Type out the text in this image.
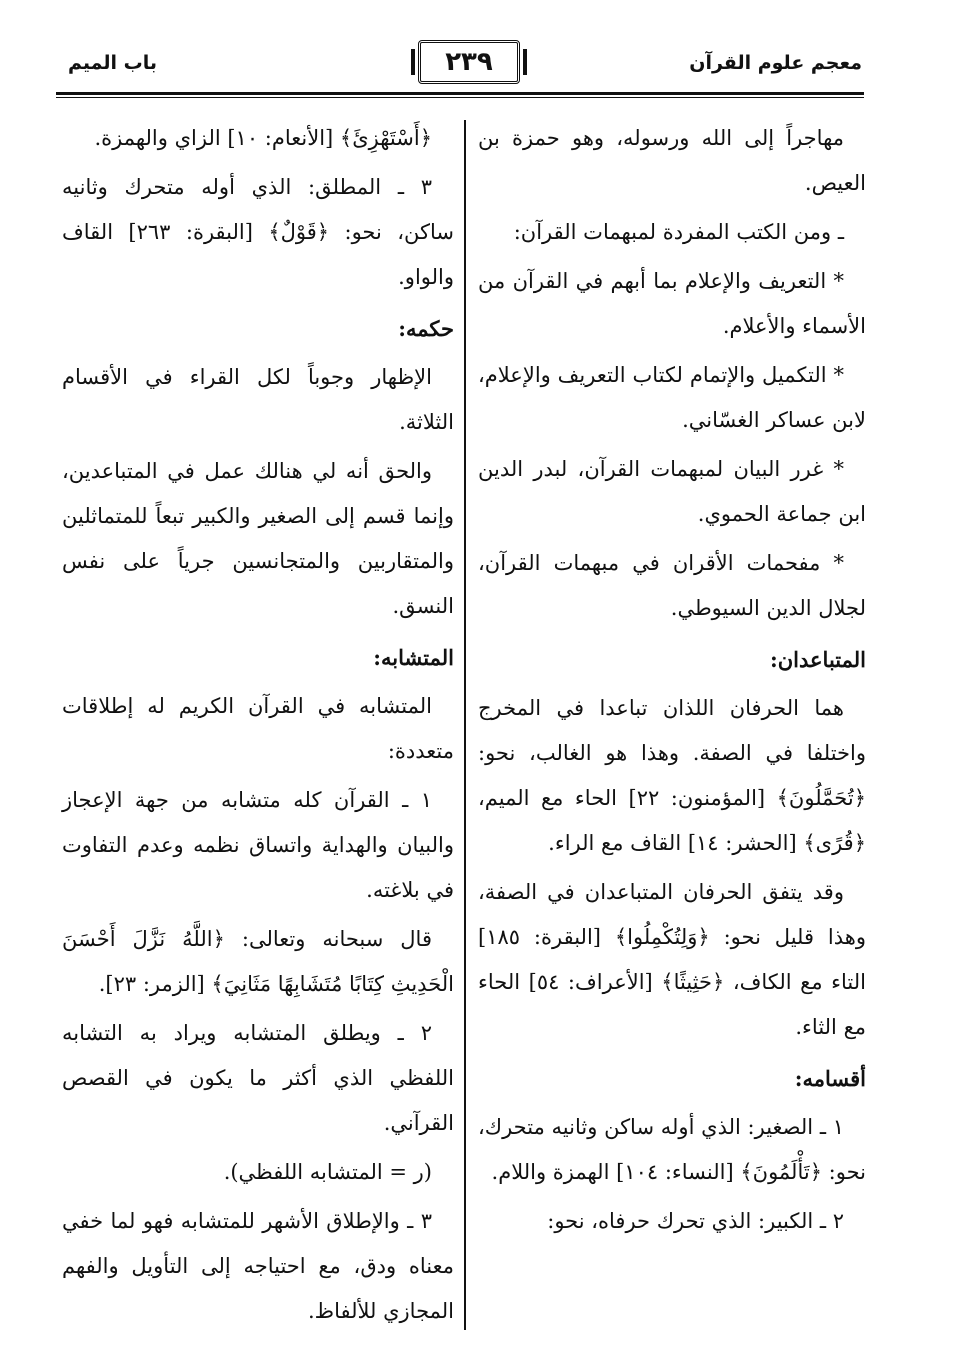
معجم علوم القرآن
٢٣٩
باب الميم
مهاجراً إلى الله ورسوله، وهو حمزة بن العيص.
ـ ومن الكتب المفردة لمبهمات القرآن:
* التعريف والإعلام بما أبهم في القرآن من الأسماء والأعلام.
* التكميل والإتمام لكتاب التعريف والإعلام، لابن عساكر الغسّاني.
* غرر البيان لمبهمات القرآن، لبدر الدين ابن جماعة الحموي.
* مفحمات الأقران في مبهمات القرآن، لجلال الدين السيوطي.
المتباعدان:
هما الحرفان اللذان تباعدا في المخرج واختلفا في الصفة. وهذا هو الغالب، نحو: ﴿تُحَمَّلُونَ﴾ [المؤمنون: ٢٢] الحاء مع الميم، ﴿قُرًى﴾ [الحشر: ١٤] القاف مع الراء.
وقد يتفق الحرفان المتباعدان في الصفة، وهذا قليل نحو: ﴿وَلِتُكْمِلُوا﴾ [البقرة: ١٨٥] التاء مع الكاف، ﴿حَثِيثًا﴾ [الأعراف: ٥٤] الحاء مع الثاء.
أقسامه:
١ ـ الصغير: الذي أوله ساكن وثانيه متحرك، نحو: ﴿تَأْلَمُونَ﴾ [النساء: ١٠٤] الهمزة واللام.
٢ ـ الكبير: الذي تحرك حرفاه، نحو:
﴿أَسْتَهْزِئَ﴾ [الأنعام: ١٠] الزاي والهمزة.
٣ ـ المطلق: الذي أوله متحرك وثانيه ساكن، نحو: ﴿قَوْلٌ﴾ [البقرة: ٢٦٣] القاف والواو.
حكمه:
الإظهار وجوباً لكل القراء في الأقسام الثلاثة.
والحق أنه لي هنالك عمل في المتباعدين، وإنما قسم إلى الصغير والكبير تبعاً للمتماثلين والمتقاربين والمتجانسين جرياً على نفس النسق.
المتشابه:
المتشابه في القرآن الكريم له إطلاقات متعددة:
١ ـ القرآن كله متشابه من جهة الإعجاز والبيان والهداية واتساق نظمه وعدم التفاوت في بلاغته.
قال سبحانه وتعالى: ﴿اللَّهُ نَزَّلَ أَحْسَنَ الْحَدِيثِ كِتَابًا مُتَشَابِهًا مَثَانِيَ﴾ [الزمر: ٢٣].
٢ ـ ويطلق المتشابه ويراد به التشابه اللفظي الذي أكثر ما يكون في القصص القرآني.
(ر = المتشابه اللفظي).
٣ ـ والإطلاق الأشهر للمتشابه فهو لما خفي معناه ودق، مع احتياجه إلى التأويل والفهم المجازي للألفاظ.
